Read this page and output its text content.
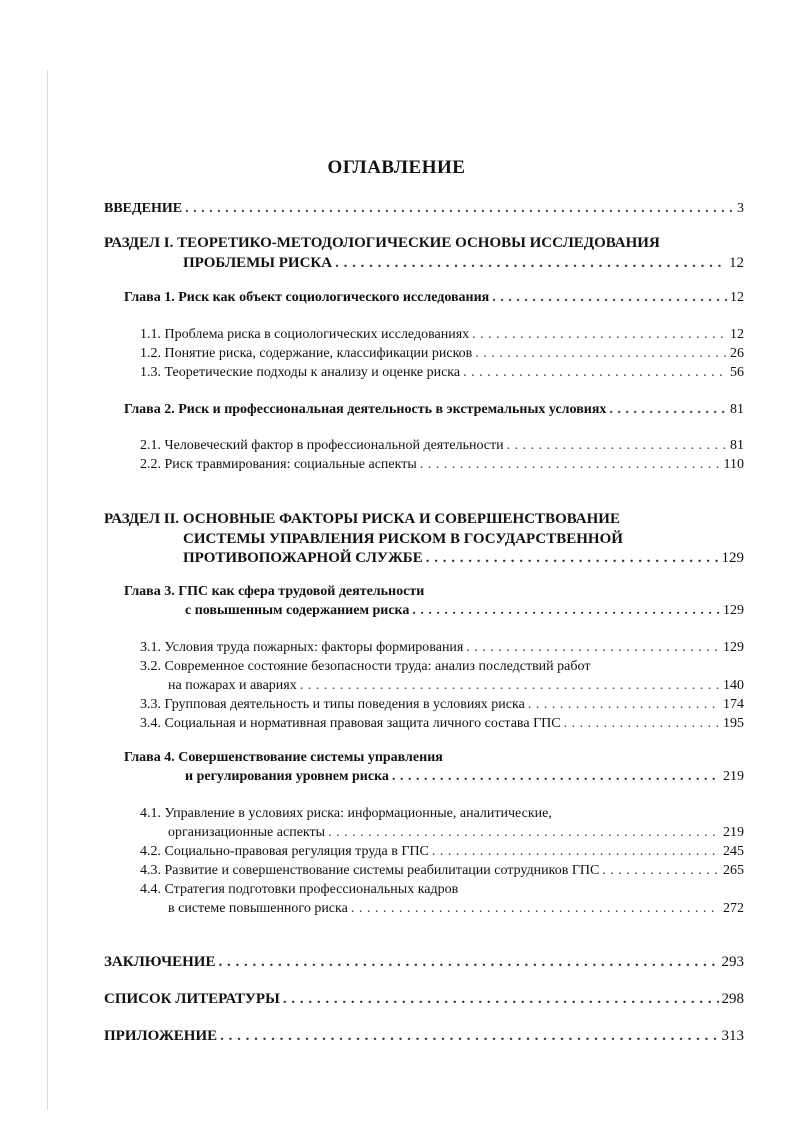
ОГЛАВЛЕНИЕ
ВВЕДЕНИЕ . . .	3
РАЗДЕЛ I. ТЕОРЕТИКО-МЕТОДОЛОГИЧЕСКИЕ ОСНОВЫ ИССЛЕДОВАНИЯ
ПРОБЛЕМЫ РИСКА . . .	12
Глава 1. Риск как объект социологического исследования . . .	12
1.1. Проблема риска в социологических исследованиях . . .	12
1.2. Понятие риска, содержание, классификации рисков . . .	26
1.3. Теоретические подходы к анализу и оценке риска . . .	56
Глава 2. Риск и профессиональная деятельность в экстремальных условиях . . .	81
2.1. Человеческий фактор в профессиональной деятельности . . .	81
2.2. Риск травмирования: социальные аспекты . . .	110
РАЗДЕЛ II. ОСНОВНЫЕ ФАКТОРЫ РИСКА И СОВЕРШЕНСТВОВАНИЕ
СИСТЕМЫ УПРАВЛЕНИЯ РИСКОМ В ГОСУДАРСТВЕННОЙ
ПРОТИВОПОЖАРНОЙ СЛУЖБЕ . . .	129
Глава 3. ГПС как сфера трудовой деятельности
с повышенным содержанием риска . . .	129
3.1. Условия труда пожарных: факторы формирования . . .	129
3.2. Современное состояние безопасности труда: анализ последствий работ
на пожарах и авариях . . .	140
3.3. Групповая деятельность и типы поведения в условиях риска . . .	174
3.4. Социальная и нормативная правовая защита личного состава ГПС . . .	195
Глава 4. Совершенствование системы управления
и регулирования уровнем риска . . .	219
4.1. Управление в условиях риска: информационные, аналитические,
организационные аспекты . . .	219
4.2. Социально-правовая регуляция труда в ГПС . . .	245
4.3. Развитие и совершенствование системы реабилитации сотрудников ГПС . . .	265
4.4. Стратегия подготовки профессиональных кадров
в системе повышенного риска . . .	272
ЗАКЛЮЧЕНИЕ . . .	293
СПИСОК ЛИТЕРАТУРЫ . . .	298
ПРИЛОЖЕНИЕ . . .	313
